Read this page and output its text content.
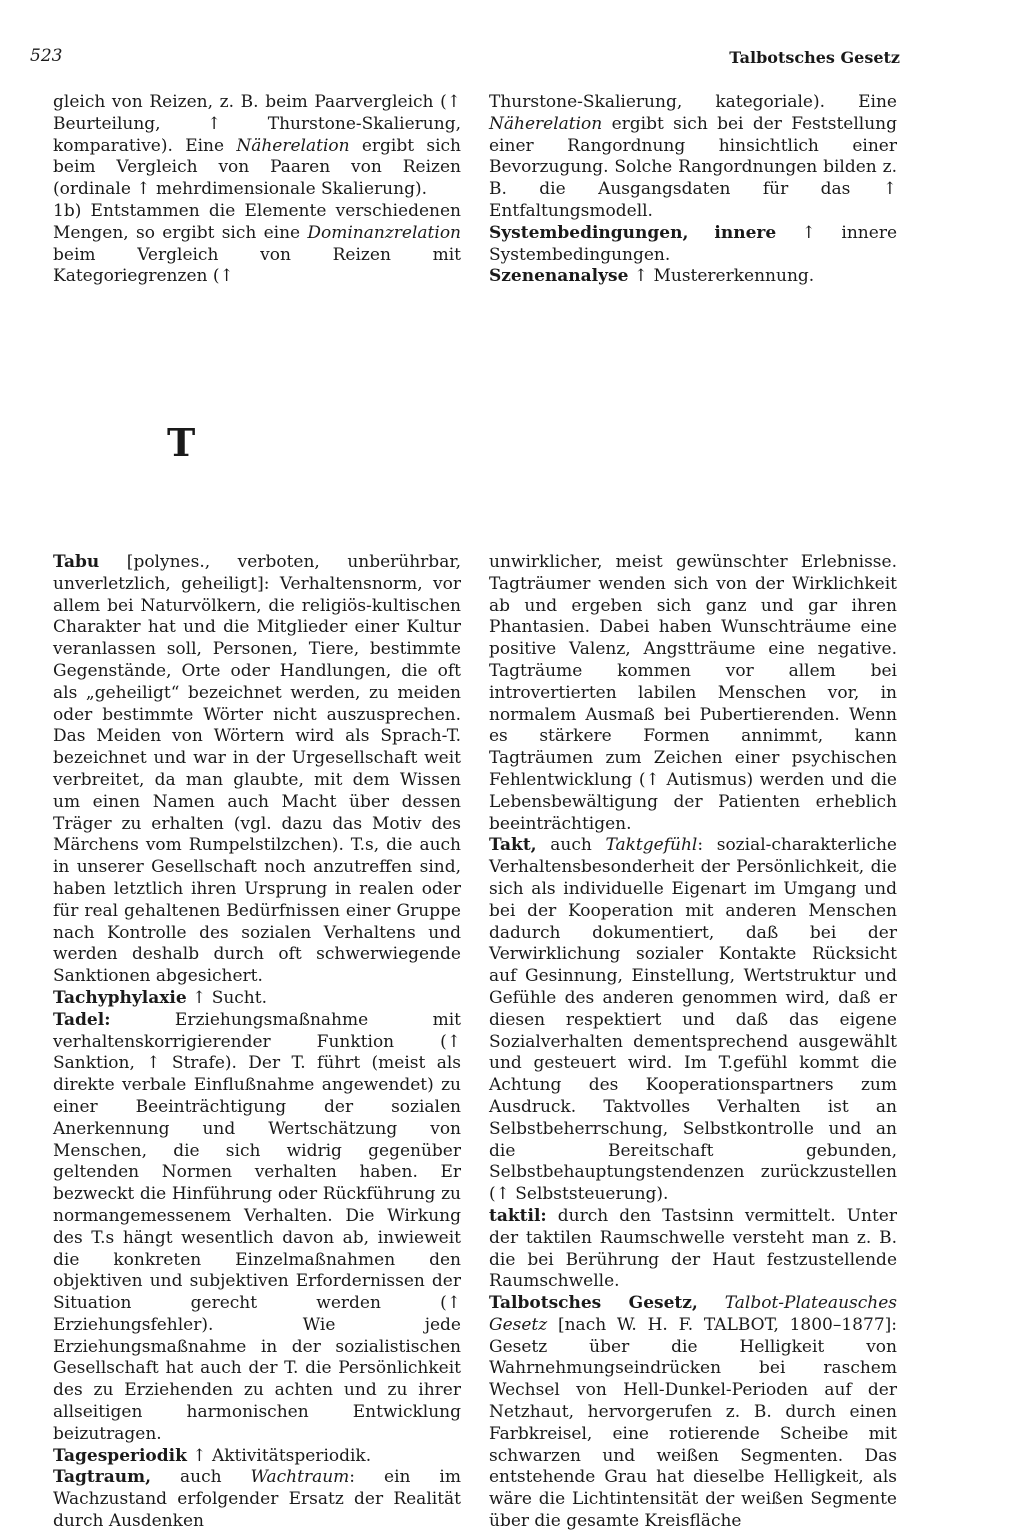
523	Talbotsches Gesetz

gleich von Reizen, z. B. beim Paarvergleich (↑ Beurteilung, ↑ Thurstone-Skalierung, komparative). Eine Näherelation ergibt sich beim Vergleich von Paaren von Reizen (ordinale ↑ mehrdimensionale Skalierung).

1b) Entstammen die Elemente verschiedenen Mengen, so ergibt sich eine Dominanzrelation beim Vergleich von Reizen mit Kategoriegrenzen (↑

Thurstone-Skalierung, kategoriale). Eine Näherelation ergibt sich bei der Feststellung einer Rangordnung hinsichtlich einer Bevorzugung. Solche Rangordnungen bilden z. B. die Ausgangsdaten für das ↑ Entfaltungsmodell.

Systembedingungen, innere ↑ innere Systembedingungen.

Szenenanalyse ↑ Mustererkennung.

T

Tabu [polynes., verboten, unberührbar, unverletzlich, geheiligt]: Verhaltensnorm, vor allem bei Naturvölkern, die religiös-kultischen Charakter hat und die Mitglieder einer Kultur veranlassen soll, Personen, Tiere, bestimmte Gegenstände, Orte oder Handlungen, die oft als „geheiligt“ bezeichnet werden, zu meiden oder bestimmte Wörter nicht auszusprechen. Das Meiden von Wörtern wird als Sprach-T. bezeichnet und war in der Urgesellschaft weit verbreitet, da man glaubte, mit dem Wissen um einen Namen auch Macht über dessen Träger zu erhalten (vgl. dazu das Motiv des Märchens vom Rumpelstilzchen). T.s, die auch in unserer Gesellschaft noch anzutreffen sind, haben letztlich ihren Ursprung in realen oder für real gehaltenen Bedürfnissen einer Gruppe nach Kontrolle des sozialen Verhaltens und werden deshalb durch oft schwerwiegende Sanktionen abgesichert.

Tachyphylaxie ↑ Sucht.

Tadel: Erziehungsmaßnahme mit verhaltenskorrigierender Funktion (↑ Sanktion, ↑ Strafe). Der T. führt (meist als direkte verbale Einflußnahme angewendet) zu einer Beeinträchtigung der sozialen Anerkennung und Wertschätzung von Menschen, die sich widrig gegenüber geltenden Normen verhalten haben. Er bezweckt die Hinführung oder Rückführung zu normangemessenem Verhalten. Die Wirkung des T.s hängt wesentlich davon ab, inwieweit die konkreten Einzelmaßnahmen den objektiven und subjektiven Erfordernissen der Situation gerecht werden (↑ Erziehungsfehler). Wie jede Erziehungsmaßnahme in der sozialistischen Gesellschaft hat auch der T. die Persönlichkeit des zu Erziehenden zu achten und zu ihrer allseitigen harmonischen Entwicklung beizutragen.

Tagesperiodik ↑ Aktivitätsperiodik.

Tagtraum, auch Wachtraum: ein im Wachzustand erfolgender Ersatz der Realität durch Ausdenken

unwirklicher, meist gewünschter Erlebnisse. Tagträumer wenden sich von der Wirklichkeit ab und ergeben sich ganz und gar ihren Phantasien. Dabei haben Wunschträume eine positive Valenz, Angstträume eine negative. Tagträume kommen vor allem bei introvertierten labilen Menschen vor, in normalem Ausmaß bei Pubertierenden. Wenn es stärkere Formen annimmt, kann Tagträumen zum Zeichen einer psychischen Fehlentwicklung (↑ Autismus) werden und die Lebensbewältigung der Patienten erheblich beeinträchtigen.

Takt, auch Taktgefühl: sozial-charakterliche Verhaltensbesonderheit der Persönlichkeit, die sich als individuelle Eigenart im Umgang und bei der Kooperation mit anderen Menschen dadurch dokumentiert, daß bei der Verwirklichung sozialer Kontakte Rücksicht auf Gesinnung, Einstellung, Wertstruktur und Gefühle des anderen genommen wird, daß er diesen respektiert und daß das eigene Sozialverhalten dementsprechend ausgewählt und gesteuert wird. Im T.gefühl kommt die Achtung des Kooperationspartners zum Ausdruck. Taktvolles Verhalten ist an Selbstbeherrschung, Selbstkontrolle und an die Bereitschaft gebunden, Selbstbehauptungstendenzen zurückzustellen (↑ Selbststeuerung).

taktil: durch den Tastsinn vermittelt. Unter der taktilen Raumschwelle versteht man z. B. die bei Berührung der Haut festzustellende Raumschwelle.

Talbotsches Gesetz, Talbot-Plateausches Gesetz [nach W. H. F. TALBOT, 1800–1877]: Gesetz über die Helligkeit von Wahrnehmungseindrücken bei raschem Wechsel von Hell-Dunkel-Perioden auf der Netzhaut, hervorgerufen z. B. durch einen Farbkreisel, eine rotierende Scheibe mit schwarzen und weißen Segmenten. Das entstehende Grau hat dieselbe Helligkeit, als wäre die Lichtintensität der weißen Segmente über die gesamte Kreisfläche
